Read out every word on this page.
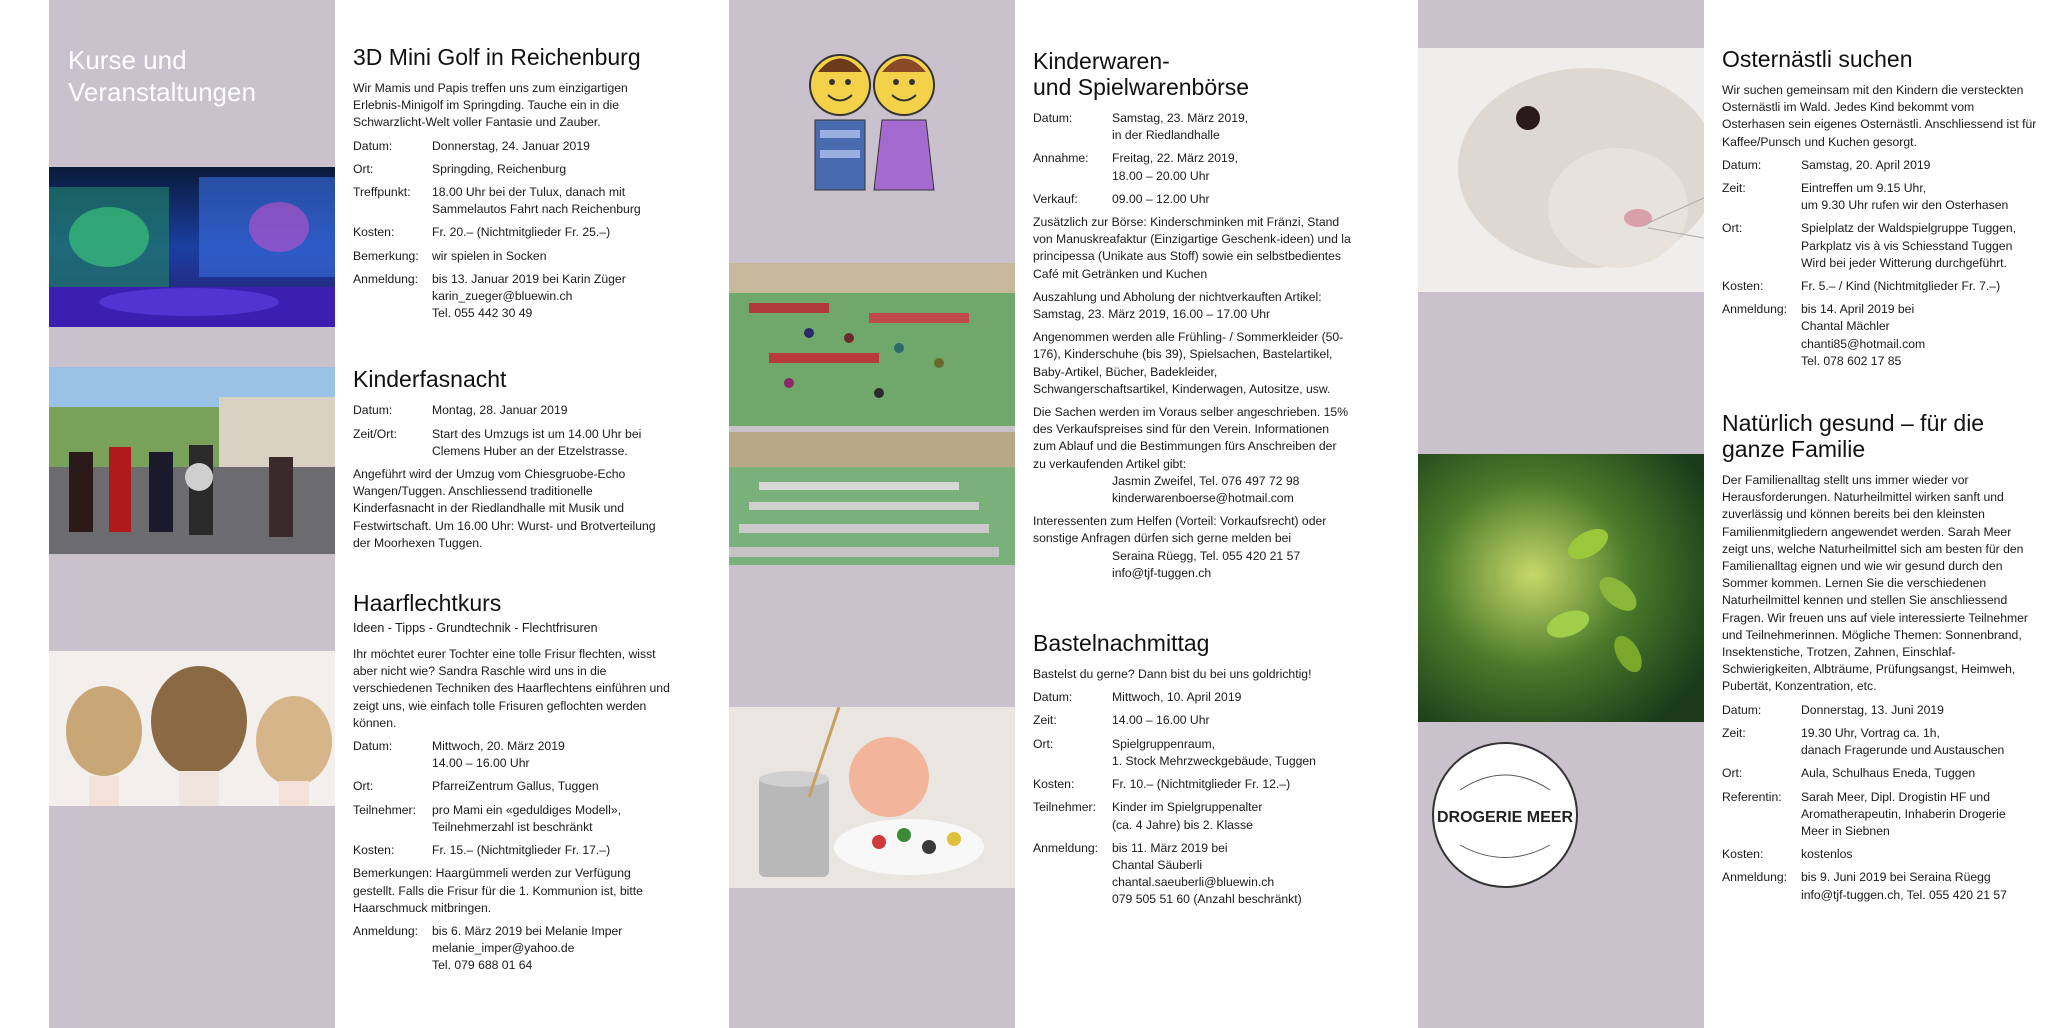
Kurse und
Veranstaltungen
DROGERIE MEER
3D Mini Golf in Reichenburg

Wir Mamis und Papis treffen uns zum einzigartigen Erlebnis-Minigolf im Springding. Tauche ein in die Schwarzlicht-Welt voller Fantasie und Zauber.

Datum:	Donnerstag, 24. Januar 2019
Ort:	Springding, Reichenburg
Treffpunkt:	18.00 Uhr bei der Tulux, danach mit
Sammelautos Fahrt nach Reichenburg
Kosten:	Fr. 20.– (Nichtmitglieder Fr. 25.–)
Bemerkung:	wir spielen in Socken
Anmeldung:	bis 13. Januar 2019 bei Karin Züger
karin_zueger@bluewin.ch
Tel. 055 442 30 49
Kinderfasnacht
Datum:	Montag, 28. Januar 2019
Zeit/Ort:	Start des Umzugs ist um 14.00 Uhr bei
Clemens Huber an der Etzelstrasse.

Angeführt wird der Umzug vom Chiesgruobe-Echo Wangen/Tuggen. Anschliessend traditionelle Kinderfasnacht in der Riedlandhalle mit Musik und Festwirtschaft. Um 16.00 Uhr: Wurst- und Brotverteilung der Moorhexen Tuggen.

Haarflechtkurs
Ideen - Tipps - Grundtechnik - Flechtfrisuren

Ihr möchtet eurer Tochter eine tolle Frisur flechten, wisst aber nicht wie? Sandra Raschle wird uns in die verschiedenen Techniken des Haarflechtens einführen und zeigt uns, wie einfach tolle Frisuren geflochten werden können.

Datum:	Mittwoch, 20. März 2019
14.00 – 16.00 Uhr
Ort:	PfarreiZentrum Gallus, Tuggen
Teilnehmer:	pro Mami ein «geduldiges Modell»,
Teilnehmerzahl ist beschränkt
Kosten:	Fr. 15.– (Nichtmitglieder Fr. 17.–)

Bemerkungen: Haargümmeli werden zur Verfügung gestellt. Falls die Frisur für die 1. Kommunion ist, bitte Haarschmuck mitbringen.

Anmeldung:	bis 6. März 2019 bei Melanie Imper
melanie_imper@yahoo.de
Tel. 079 688 01 64
Kinderwaren-
und Spielwarenbörse
Datum:	Samstag, 23. März 2019,
in der Riedlandhalle
Annahme:	Freitag, 22. März 2019,
18.00 – 20.00 Uhr
Verkauf:	09.00 – 12.00 Uhr

Zusätzlich zur Börse: Kinderschminken mit Fränzi, Stand von Manuskreafaktur (Einzigartige Geschenk-ideen) und la principessa (Unikate aus Stoff) sowie ein selbstbedientes Café mit Getränken und Kuchen

Auszahlung und Abholung der nichtverkauften Artikel:
Samstag, 23. März 2019, 16.00 – 17.00 Uhr

Angenommen werden alle Frühling- / Sommerkleider (50-176), Kinderschuhe (bis 39), Spielsachen, Bastelartikel, Baby-Artikel, Bücher, Badekleider, Schwangerschaftsartikel, Kinderwagen, Autositze, usw.

Die Sachen werden im Voraus selber angeschrieben. 15% des Verkaufspreises sind für den Verein. Informationen zum Ablauf und die Bestimmungen fürs Anschreiben der zu verkaufenden Artikel gibt:

Jasmin Zweifel, Tel. 076 497 72 98
kinderwarenboerse@hotmail.com

Interessenten zum Helfen (Vorteil: Vorkaufsrecht) oder sonstige Anfragen dürfen sich gerne melden bei

Seraina Rüegg, Tel. 055 420 21 57
info@tjf-tuggen.ch
Bastelnachmittag

Bastelst du gerne? Dann bist du bei uns goldrichtig!

Datum:	Mittwoch, 10. April 2019
Zeit:	14.00 – 16.00 Uhr
Ort:	Spielgruppenraum,
1. Stock Mehrzweckgebäude, Tuggen
Kosten:	Fr. 10.– (Nichtmitglieder Fr. 12.–)
Teilnehmer:	Kinder im Spielgruppenalter
(ca. 4 Jahre) bis 2. Klasse
Anmeldung:	bis 11. März 2019 bei
Chantal Säuberli
chantal.saeuberli@bluewin.ch
079 505 51 60 (Anzahl beschränkt)
Osternästli suchen

Wir suchen gemeinsam mit den Kindern die versteckten Osternästli im Wald. Jedes Kind bekommt vom Osterhasen sein eigenes Osternästli. Anschliessend ist für Kaffee/Punsch und Kuchen gesorgt.

Datum:	Samstag, 20. April 2019
Zeit:	Eintreffen um 9.15 Uhr,
um 9.30 Uhr rufen wir den Osterhasen
Ort:	Spielplatz der Waldspielgruppe Tuggen,
Parkplatz vis à vis Schiesstand Tuggen
Wird bei jeder Witterung durchgeführt.
Kosten:	Fr. 5.– / Kind (Nichtmitglieder Fr. 7.–)
Anmeldung:	bis 14. April 2019 bei
Chantal Mächler
chanti85@hotmail.com
Tel. 078 602 17 85
Natürlich gesund – für die
ganze Familie

Der Familienalltag stellt uns immer wieder vor Herausforderungen. Naturheilmittel wirken sanft und zuverlässig und können bereits bei den kleinsten Familienmitgliedern angewendet werden. Sarah Meer zeigt uns, welche Naturheilmittel sich am besten für den Familienalltag eignen und wie wir gesund durch den Sommer kommen. Lernen Sie die verschiedenen Naturheilmittel kennen und stellen Sie anschliessend Fragen. Wir freuen uns auf viele interessierte Teilnehmer und Teilnehmerinnen. Mögliche Themen: Sonnenbrand, Insektenstiche, Trotzen, Zahnen, Einschlaf-Schwierigkeiten, Albträume, Prüfungsangst, Heimweh, Pubertät, Konzentration, etc.

Datum:	Donnerstag, 13. Juni 2019
Zeit:	19.30 Uhr, Vortrag ca. 1h,
danach Fragerunde und Austauschen
Ort:	Aula, Schulhaus Eneda, Tuggen
Referentin:	Sarah Meer, Dipl. Drogistin HF und
Aromatherapeutin, Inhaberin Drogerie
Meer in Siebnen
Kosten:	kostenlos
Anmeldung:	bis 9. Juni 2019 bei Seraina Rüegg
info@tjf-tuggen.ch, Tel. 055 420 21 57
